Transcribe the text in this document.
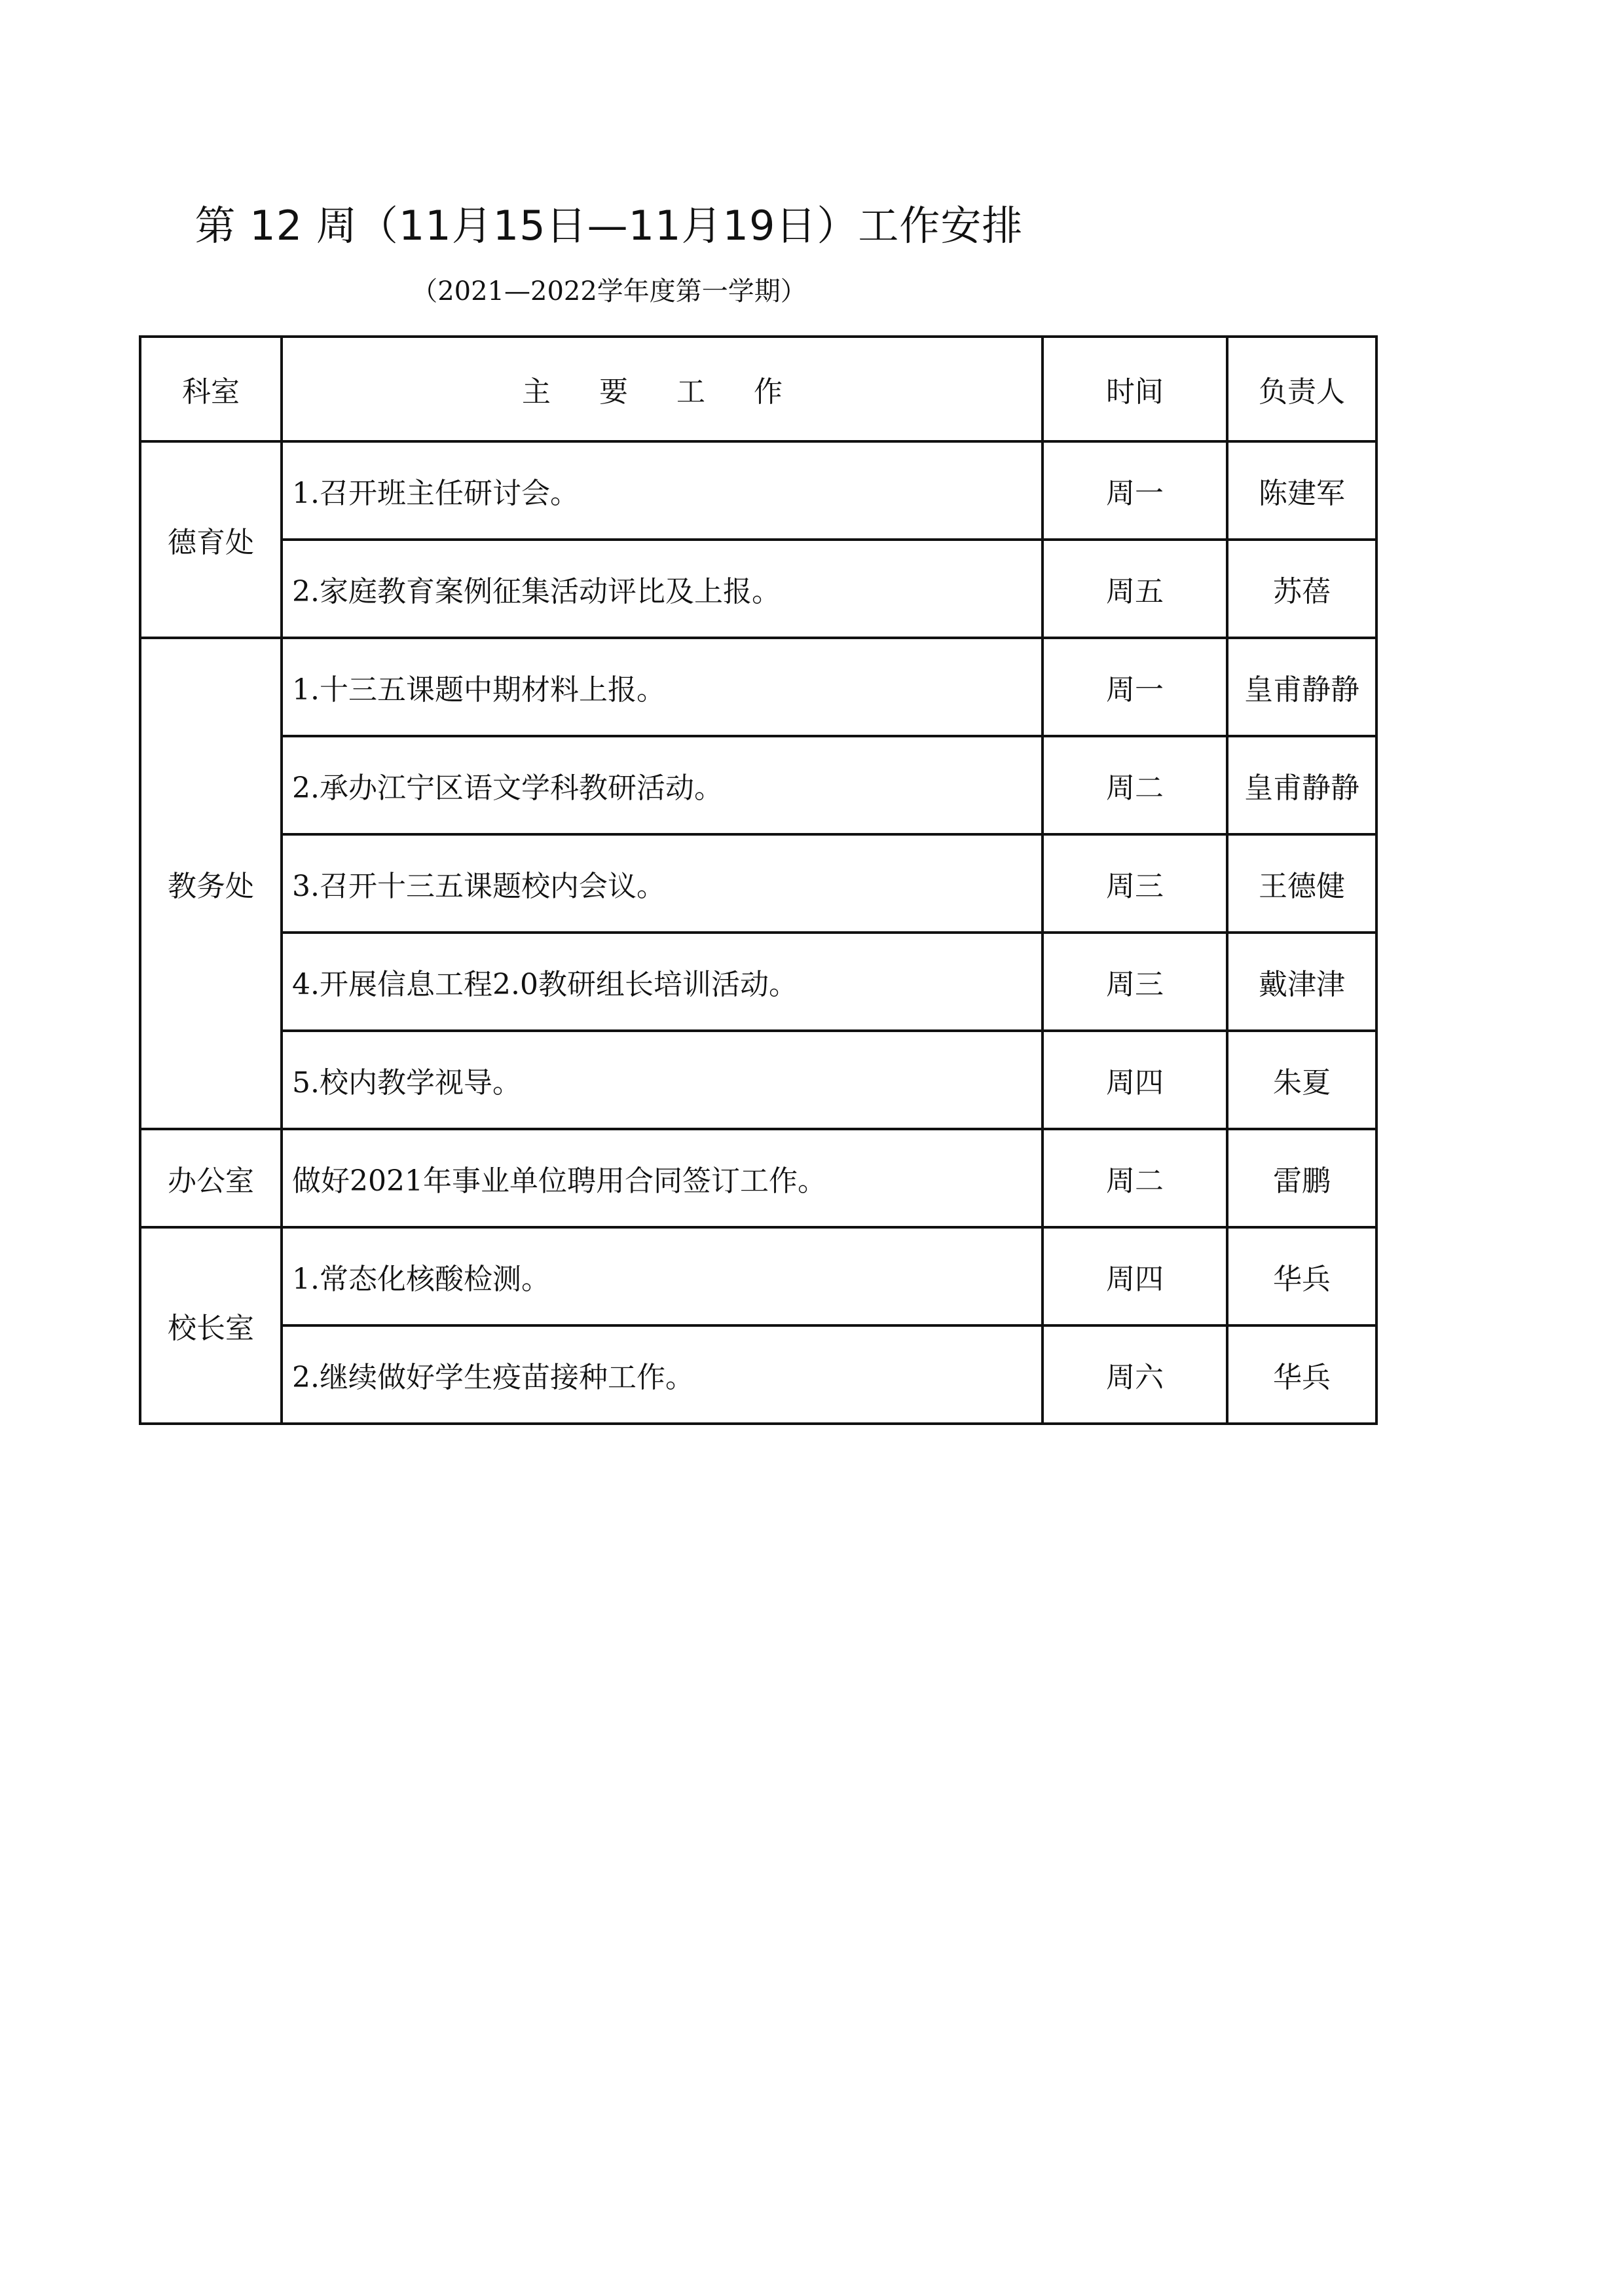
第 12 周（11月15日—11月19日）工作安排
（2021—2022学年度第一学期）
科室	主 要 工 作	时间	负责人
德育处	1.召开班主任研讨会。	周一	陈建军
	2.家庭教育案例征集活动评比及上报。	周五	苏蓓
教务处	1.十三五课题中期材料上报。	周一	皇甫静静
	2.承办江宁区语文学科教研活动。	周二	皇甫静静
	3.召开十三五课题校内会议。	周三	王德健
	4.开展信息工程2.0教研组长培训活动。	周三	戴津津
	5.校内教学视导。	周四	朱夏
办公室	做好2021年事业单位聘用合同签订工作。	周二	雷鹏
校长室	1.常态化核酸检测。	周四	华兵
	2.继续做好学生疫苗接种工作。	周六	华兵
